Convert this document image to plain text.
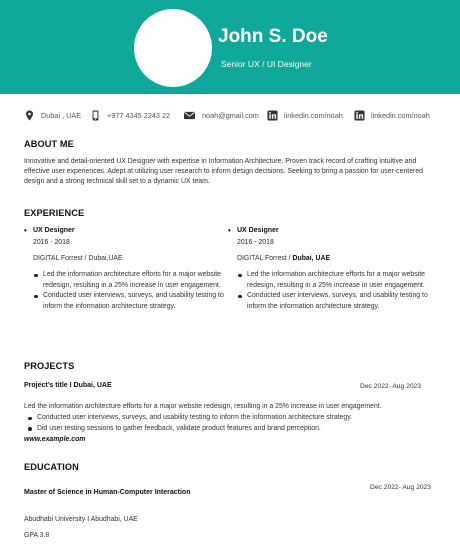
John S. Doe
Senior UX / UI Designer
Dubai , UAE	+977 4345 2243 22	noah@gmail.com	linkedin.com/noah	linkedin.com/noah
ABOUT ME
Innovative and detail-oriented UX Designer with expertise in Information Architecture. Proven track record of crafting intuitive and effective user experiences. Adept at utilizing user research to inform design decisions. Seeking to bring a passion for user-centered design and a strong technical skill set to a dynamic UX team.
EXPERIENCE
• UX Designer
2016 - 2018
DIGITAL Forrest / Dubai,UAE
Led the information architecture efforts for a major website redesign, resulting in a 25% increase in user engagement.
Conducted user interviews, surveys, and usability testing to inform the information architecture strategy.
• UX Designer
2016 - 2018
DIGITAL Forrest / Dubai, UAE
Led the information architecture efforts for a major website redesign, resulting in a 25% increase in user engagement.
Conducted user interviews, surveys, and usability testing to inform the information architecture strategy.
PROJECTS
Project’s title I Dubai, UAE	Dec 2022- Aug 2023
Led the information architecture efforts for a major website redesign, resulting in a 25% increase in user engagement.
Conducted user interviews, surveys, and usability testing to inform the information architecture strategy.
Did user testing sessions to gather feedback, validate product features and brand perception.
www.example.com
EDUCATION
Master of Science in Human-Computer Interaction
Dec 2022- Aug 2023
Abudhabi University I Abudhabi, UAE
GPA 3.8
